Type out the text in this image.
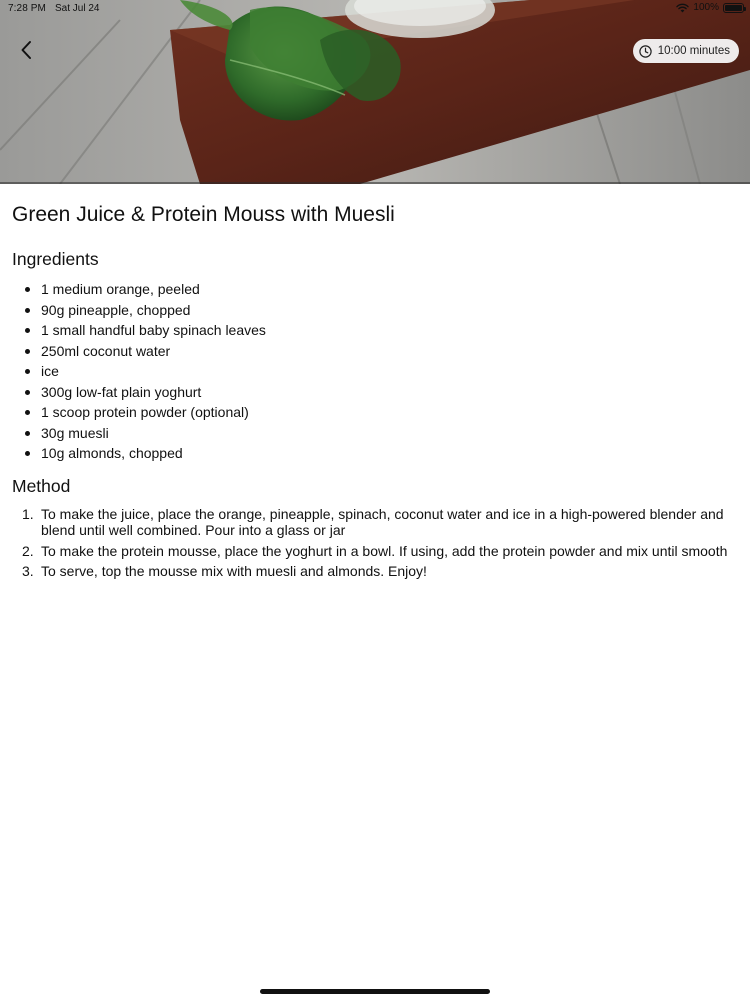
7:28 PM Sat Jul 24	100%
10:00 minutes
Green Juice & Protein Mouss with Muesli
Ingredients
1 medium orange, peeled
90g pineapple, chopped
1 small handful baby spinach leaves
250ml coconut water
ice
300g low-fat plain yoghurt
1 scoop protein powder (optional)
30g muesli
10g almonds, chopped
Method
1. To make the juice, place the orange, pineapple, spinach, coconut water and ice in a high-powered blender and blend until well combined. Pour into a glass or jar
2. To make the protein mousse, place the yoghurt in a bowl. If using, add the protein powder and mix until smooth
3. To serve, top the mousse mix with muesli and almonds. Enjoy!
